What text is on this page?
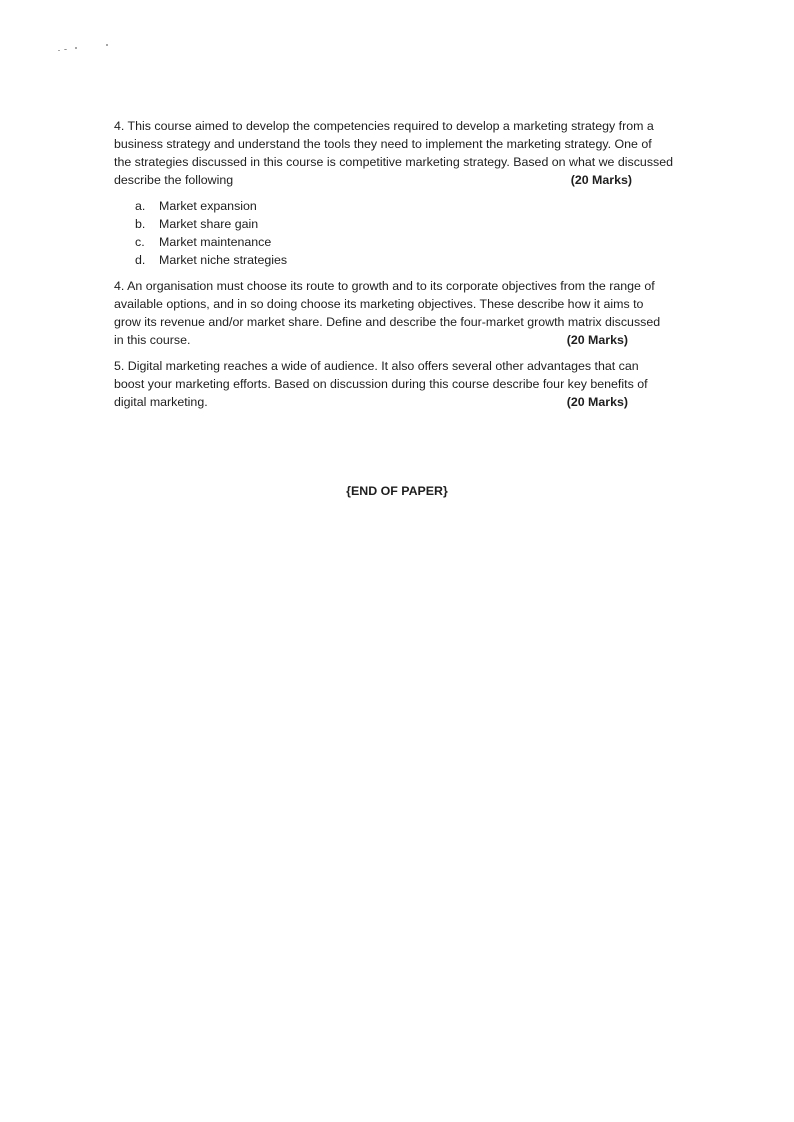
4. This course aimed to develop the competencies required to develop a marketing strategy from a
business strategy and understand the tools they need to implement the marketing strategy. One of
the strategies discussed in this course is competitive marketing strategy. Based on what we discussed
describe the following	(20 Marks)
a.	Market expansion
b.	Market share gain
c.	Market maintenance
d.	Market niche strategies
4. An organisation must choose its route to growth and to its corporate objectives from the range of
available options, and in so doing choose its marketing objectives. These describe how it aims to
grow its revenue and/or market share. Define and describe the four-market growth matrix discussed
in this course.	(20 Marks)
5. Digital marketing reaches a wide of audience. It also offers several other advantages that can
boost your marketing efforts. Based on discussion during this course describe four key benefits of
digital marketing.	(20 Marks)
{END OF PAPER}
